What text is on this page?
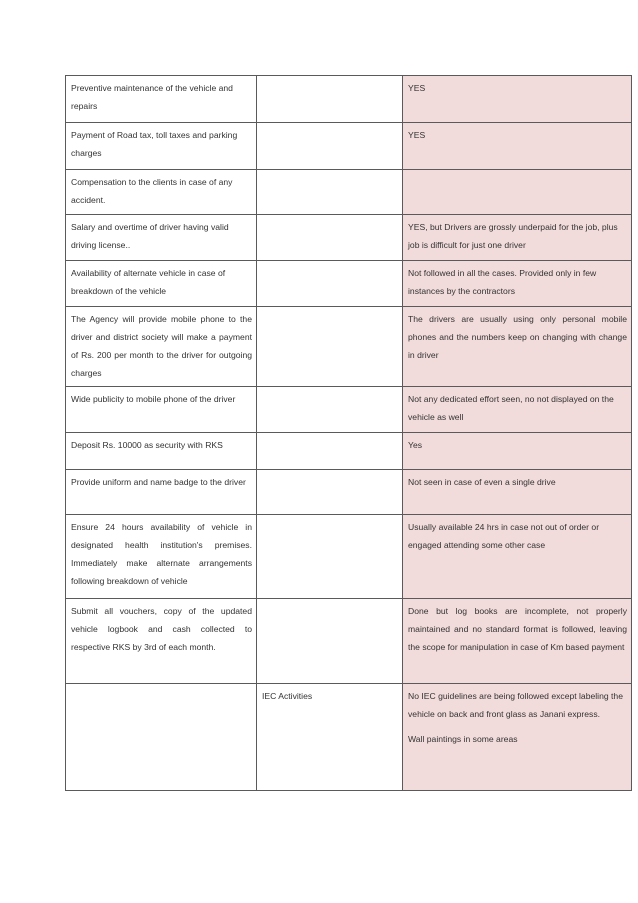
Preventive maintenance of the vehicle and repairs		YES
Payment of Road tax, toll taxes and parking charges		YES
Compensation to the clients in case of any accident.		
Salary and overtime of driver having valid driving license..		YES, but Drivers are grossly underpaid for the job, plus job is difficult for just one driver
Availability of alternate vehicle in case of breakdown of the vehicle		Not followed in all the cases. Provided only in few instances by the contractors
The Agency will provide mobile phone to the driver and district society will make a payment of Rs. 200 per month to the driver for outgoing charges		The drivers are usually using only personal mobile phones and the numbers keep on changing with change in driver
Wide publicity to mobile phone of the driver		Not any dedicated effort seen, no not displayed on the vehicle as well
Deposit Rs. 10000 as security with RKS		Yes
Provide uniform and name badge to the driver		Not seen in case of even a single drive
Ensure 24 hours availability of vehicle in designated health institution's premises. Immediately make alternate arrangements following breakdown of vehicle		Usually available 24 hrs in case not out of order or engaged attending some other case
Submit all vouchers, copy of the updated vehicle logbook and cash collected to respective RKS by 3rd of each month.		Done but log books are incomplete, not properly maintained and no standard format is followed, leaving the scope for manipulation in case of Km based payment
	IEC Activities	No IEC guidelines are being followed except labeling the vehicle on back and front glass as Janani express.

Wall paintings in some areas
